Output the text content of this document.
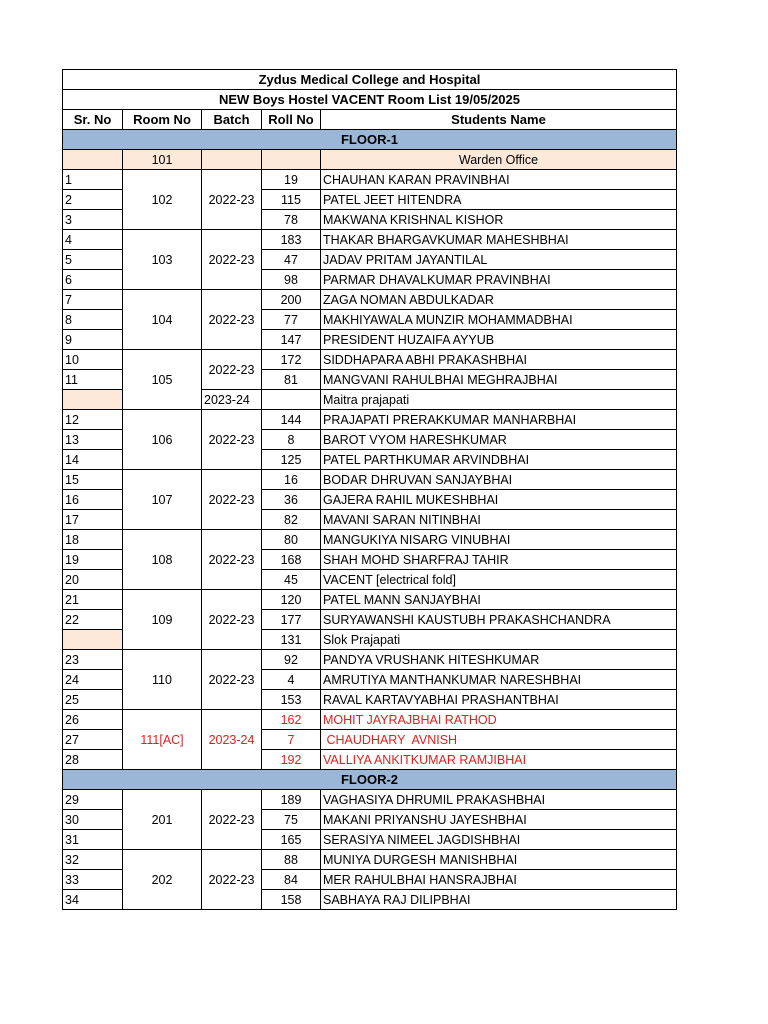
Zydus Medical College and Hospital				
NEW Boys Hostel VACENT Room List 19/05/2025				
Sr. No	Room No	Batch	Roll No	Students Name
FLOOR-1				
	101			Warden Office
1	102	2022-23	19	CHAUHAN KARAN PRAVINBHAI
2			115	PATEL JEET HITENDRA
3			78	MAKWANA KRISHNAL KISHOR
4	103	2022-23	183	THAKAR BHARGAVKUMAR MAHESHBHAI
5			47	JADAV PRITAM JAYANTILAL
6			98	PARMAR DHAVALKUMAR PRAVINBHAI
7	104	2022-23	200	ZAGA NOMAN ABDULKADAR
8			77	MAKHIYAWALA MUNZIR MOHAMMADBHAI
9			147	PRESIDENT HUZAIFA AYYUB
10	105	2022-23	172	SIDDHAPARA ABHI PRAKASHBHAI
11			81	MANGVANI RAHULBHAI MEGHRAJBHAI
		2023-24		Maitra prajapati
12	106	2022-23	144	PRAJAPATI PRERAKKUMAR MANHARBHAI
13			8	BAROT VYOM HARESHKUMAR
14			125	PATEL PARTHKUMAR ARVINDBHAI
15	107	2022-23	16	BODAR DHRUVAN SANJAYBHAI
16			36	GAJERA RAHIL MUKESHBHAI
17			82	MAVANI SARAN NITINBHAI
18	108	2022-23	80	MANGUKIYA NISARG VINUBHAI
19			168	SHAH MOHD SHARFRAJ TAHIR
20			45	VACENT [electrical fold]
21	109	2022-23	120	PATEL MANN SANJAYBHAI
22			177	SURYAWANSHI KAUSTUBH PRAKASHCHANDRA
			131	Slok Prajapati
23	110	2022-23	92	PANDYA VRUSHANK HITESHKUMAR
24			4	AMRUTIYA MANTHANKUMAR NARESHBHAI
25			153	RAVAL KARTAVYABHAI PRASHANTBHAI
26	111[AC]	2023-24	162	MOHIT JAYRAJBHAI RATHOD
27			7	CHAUDHARY  AVNISH
28			192	VALLIYA ANKITKUMAR RAMJIBHAI
FLOOR-2				
29	201	2022-23	189	VAGHASIYA DHRUMIL PRAKASHBHAI
30			75	MAKANI PRIYANSHU JAYESHBHAI
31			165	SERASIYA NIMEEL JAGDISHBHAI
32	202	2022-23	88	MUNIYA DURGESH MANISHBHAI
33			84	MER RAHULBHAI HANSRAJBHAI
34			158	SABHAYA RAJ DILIPBHAI
